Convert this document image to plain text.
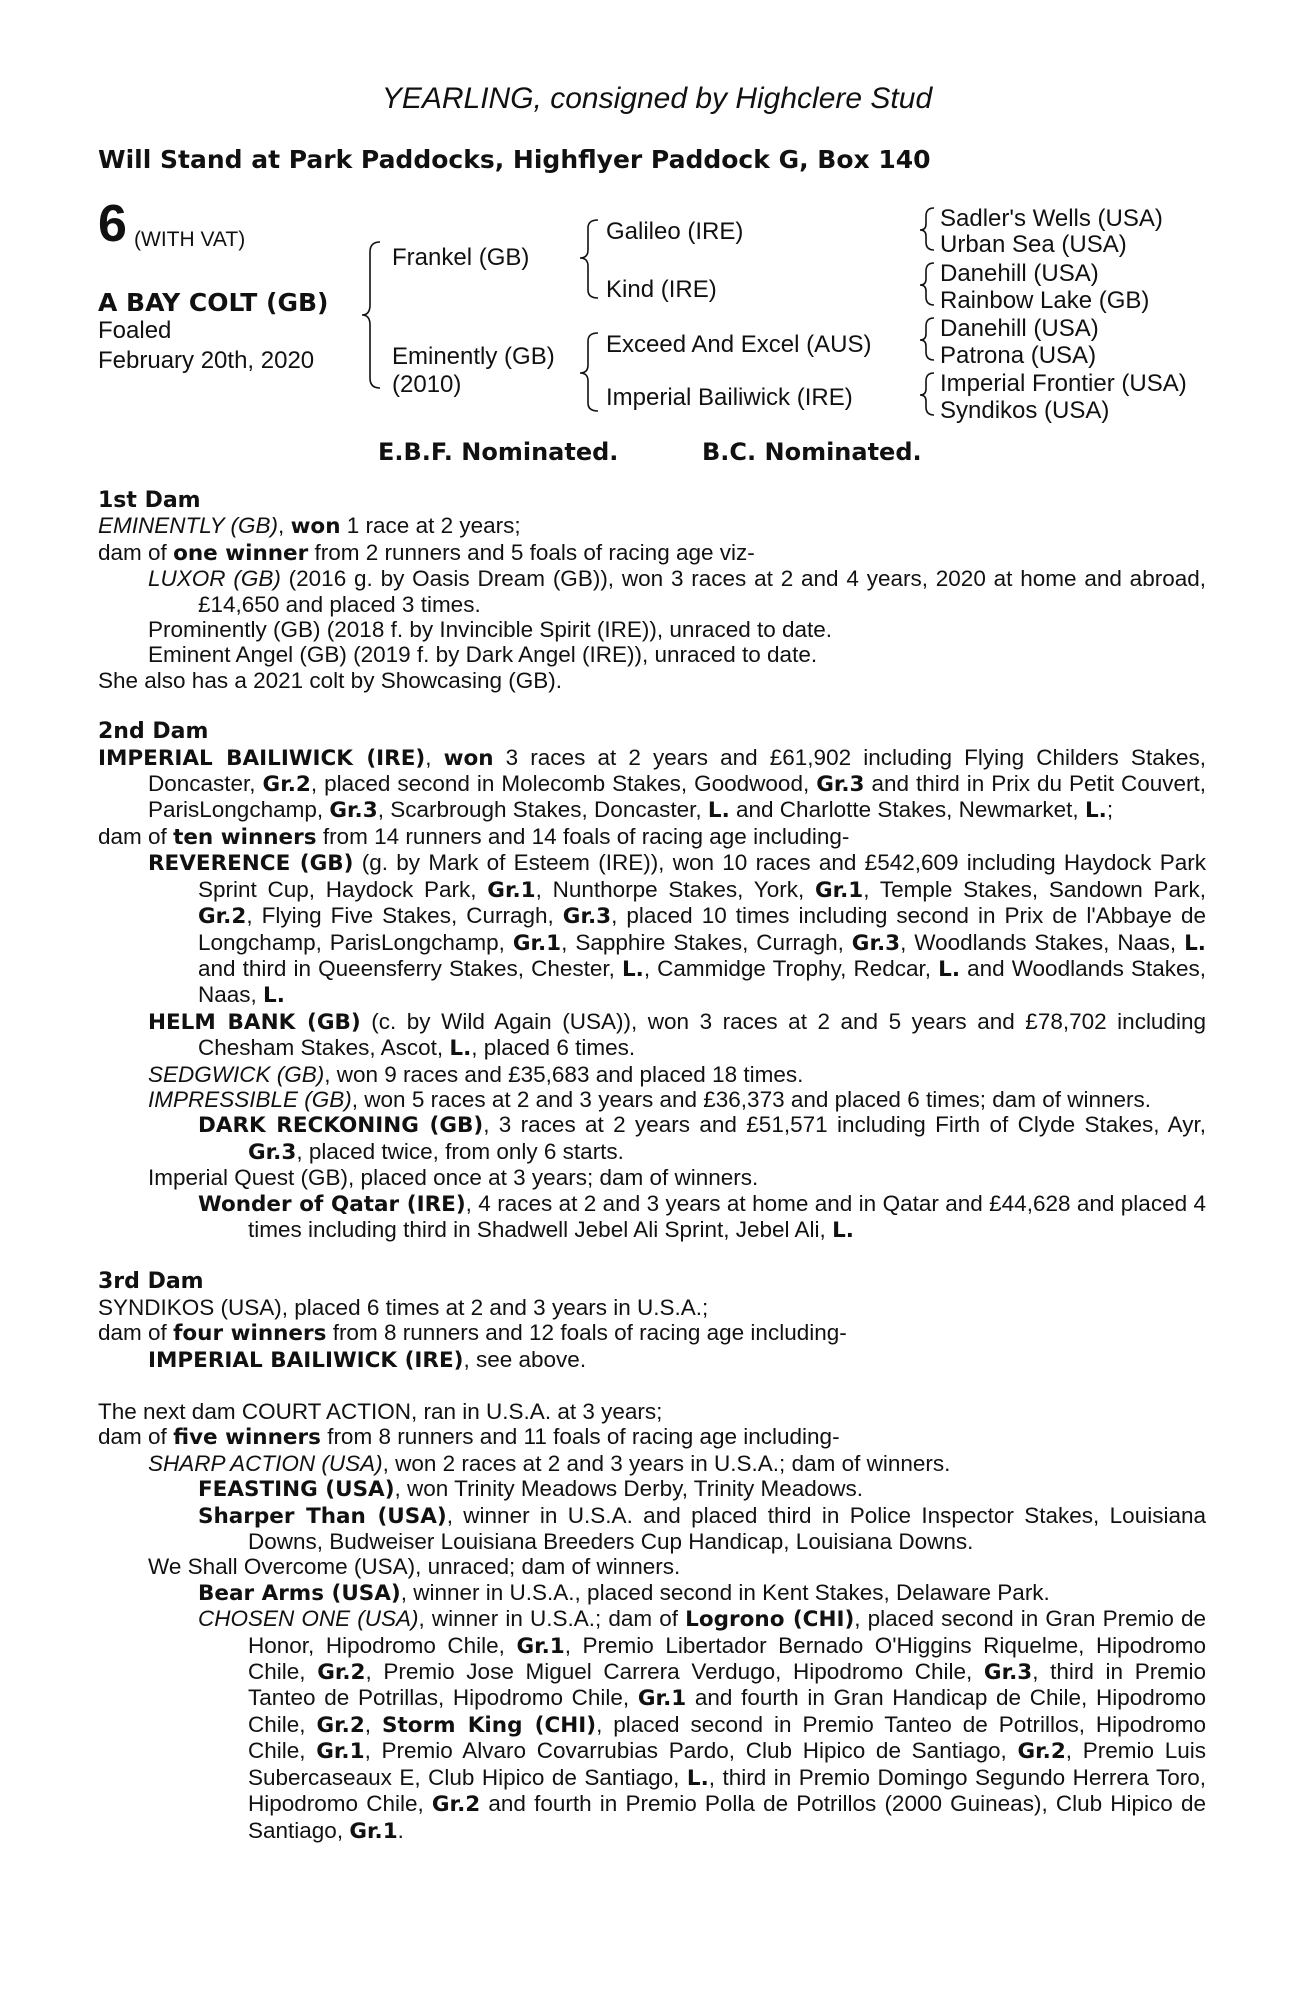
YEARLING, consigned by Highclere Stud
Will Stand at Park Paddocks, Highflyer Paddock G, Box 140
6 (WITH VAT)
A BAY COLT (GB)
Foaled
February 20th, 2020
Frankel (GB)
Eminently (GB)
(2010)
Galileo (IRE)
Kind (IRE)
Exceed And Excel (AUS)
Imperial Bailiwick (IRE)
Sadler's Wells (USA)
Urban Sea (USA)
Danehill (USA)
Rainbow Lake (GB)
Danehill (USA)
Patrona (USA)
Imperial Frontier (USA)
Syndikos (USA)
E.B.F. Nominated.	B.C. Nominated.

1st Dam

EMINENTLY (GB), won 1 race at 2 years;

dam of one winner from 2 runners and 5 foals of racing age viz-

LUXOR (GB) (2016 g. by Oasis Dream (GB)), won 3 races at 2 and 4 years, 2020 at home and abroad, £14,650 and placed 3 times.

Prominently (GB) (2018 f. by Invincible Spirit (IRE)), unraced to date.

Eminent Angel (GB) (2019 f. by Dark Angel (IRE)), unraced to date.

She also has a 2021 colt by Showcasing (GB).

2nd Dam

IMPERIAL BAILIWICK (IRE), won 3 races at 2 years and £61,902 including Flying Childers Stakes, Doncaster, Gr.2, placed second in Molecomb Stakes, Goodwood, Gr.3 and third in Prix du Petit Couvert, ParisLongchamp, Gr.3, Scarbrough Stakes, Doncaster, L. and Charlotte Stakes, Newmarket, L.;

dam of ten winners from 14 runners and 14 foals of racing age including-

REVERENCE (GB) (g. by Mark of Esteem (IRE)), won 10 races and £542,609 including Haydock Park Sprint Cup, Haydock Park, Gr.1, Nunthorpe Stakes, York, Gr.1, Temple Stakes, Sandown Park, Gr.2, Flying Five Stakes, Curragh, Gr.3, placed 10 times including second in Prix de l'Abbaye de Longchamp, ParisLongchamp, Gr.1, Sapphire Stakes, Curragh, Gr.3, Woodlands Stakes, Naas, L. and third in Queensferry Stakes, Chester, L., Cammidge Trophy, Redcar, L. and Woodlands Stakes, Naas, L.

HELM BANK (GB) (c. by Wild Again (USA)), won 3 races at 2 and 5 years and £78,702 including Chesham Stakes, Ascot, L., placed 6 times.

SEDGWICK (GB), won 9 races and £35,683 and placed 18 times.

IMPRESSIBLE (GB), won 5 races at 2 and 3 years and £36,373 and placed 6 times; dam of winners.

DARK RECKONING (GB), 3 races at 2 years and £51,571 including Firth of Clyde Stakes, Ayr, Gr.3, placed twice, from only 6 starts.

Imperial Quest (GB), placed once at 3 years; dam of winners.

Wonder of Qatar (IRE), 4 races at 2 and 3 years at home and in Qatar and £44,628 and placed 4 times including third in Shadwell Jebel Ali Sprint, Jebel Ali, L.

3rd Dam

SYNDIKOS (USA), placed 6 times at 2 and 3 years in U.S.A.;

dam of four winners from 8 runners and 12 foals of racing age including-

IMPERIAL BAILIWICK (IRE), see above.

The next dam COURT ACTION, ran in U.S.A. at 3 years;

dam of five winners from 8 runners and 11 foals of racing age including-

SHARP ACTION (USA), won 2 races at 2 and 3 years in U.S.A.; dam of winners.

FEASTING (USA), won Trinity Meadows Derby, Trinity Meadows.

Sharper Than (USA), winner in U.S.A. and placed third in Police Inspector Stakes, Louisiana Downs, Budweiser Louisiana Breeders Cup Handicap, Louisiana Downs.

We Shall Overcome (USA), unraced; dam of winners.

Bear Arms (USA), winner in U.S.A., placed second in Kent Stakes, Delaware Park.

CHOSEN ONE (USA), winner in U.S.A.; dam of Logrono (CHI), placed second in Gran Premio de Honor, Hipodromo Chile, Gr.1, Premio Libertador Bernado O'Higgins Riquelme, Hipodromo Chile, Gr.2, Premio Jose Miguel Carrera Verdugo, Hipodromo Chile, Gr.3, third in Premio Tanteo de Potrillas, Hipodromo Chile, Gr.1 and fourth in Gran Handicap de Chile, Hipodromo Chile, Gr.2, Storm King (CHI), placed second in Premio Tanteo de Potrillos, Hipodromo Chile, Gr.1, Premio Alvaro Covarrubias Pardo, Club Hipico de Santiago, Gr.2, Premio Luis Subercaseaux E, Club Hipico de Santiago, L., third in Premio Domingo Segundo Herrera Toro, Hipodromo Chile, Gr.2 and fourth in Premio Polla de Potrillos (2000 Guineas), Club Hipico de Santiago, Gr.1.
